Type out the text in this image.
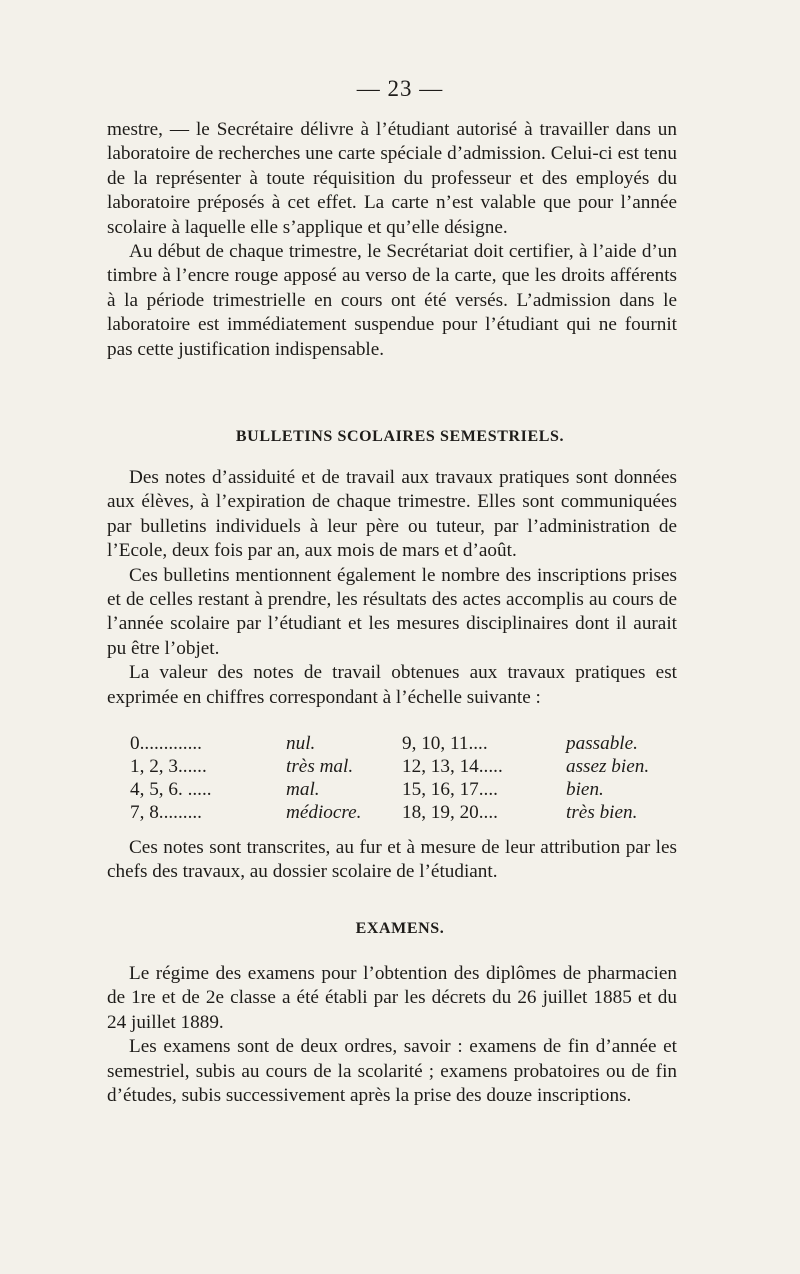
— 23 —

mestre, — le Secrétaire délivre à l’étudiant autorisé à travailler dans un laboratoire de recherches une carte spéciale d’admission. Celui-ci est tenu de la représenter à toute réquisition du professeur et des employés du laboratoire préposés à cet effet. La carte n’est valable que pour l’année scolaire à laquelle elle s’applique et qu’elle désigne.

Au début de chaque trimestre, le Secrétariat doit certifier, à l’aide d’un timbre à l’encre rouge apposé au verso de la carte, que les droits afférents à la période trimestrielle en cours ont été versés. L’admission dans le laboratoire est immédiatement suspendue pour l’étudiant qui ne fournit pas cette justification indispensable.

BULLETINS SCOLAIRES SEMESTRIELS.

Des notes d’assiduité et de travail aux travaux pratiques sont données aux élèves, à l’expiration de chaque trimestre. Elles sont communiquées par bulletins individuels à leur père ou tuteur, par l’administration de l’Ecole, deux fois par an, aux mois de mars et d’août.

Ces bulletins mentionnent également le nombre des inscriptions prises et de celles restant à prendre, les résultats des actes accomplis au cours de l’année scolaire par l’étudiant et les mesures disciplinaires dont il aurait pu être l’objet.

La valeur des notes de travail obtenues aux travaux pratiques est exprimée en chiffres correspondant à l’échelle suivante :

0.............	nul.	9, 10, 11....	passable.
1, 2, 3......	très mal.	12, 13, 14.....	assez bien.
4, 5, 6. .....	mal.	15, 16, 17....	bien.
7, 8.........	médiocre. 18, 19, 20....	très bien.

Ces notes sont transcrites, au fur et à mesure de leur attribution par les chefs des travaux, au dossier scolaire de l’étudiant.

EXAMENS.

Le régime des examens pour l’obtention des diplômes de pharmacien de 1re et de 2e classe a été établi par les décrets du 26 juillet 1885 et du 24 juillet 1889.

Les examens sont de deux ordres, savoir : examens de fin d’année et semestriel, subis au cours de la scolarité ; examens probatoires ou de fin d’études, subis successivement après la prise des douze inscriptions.
